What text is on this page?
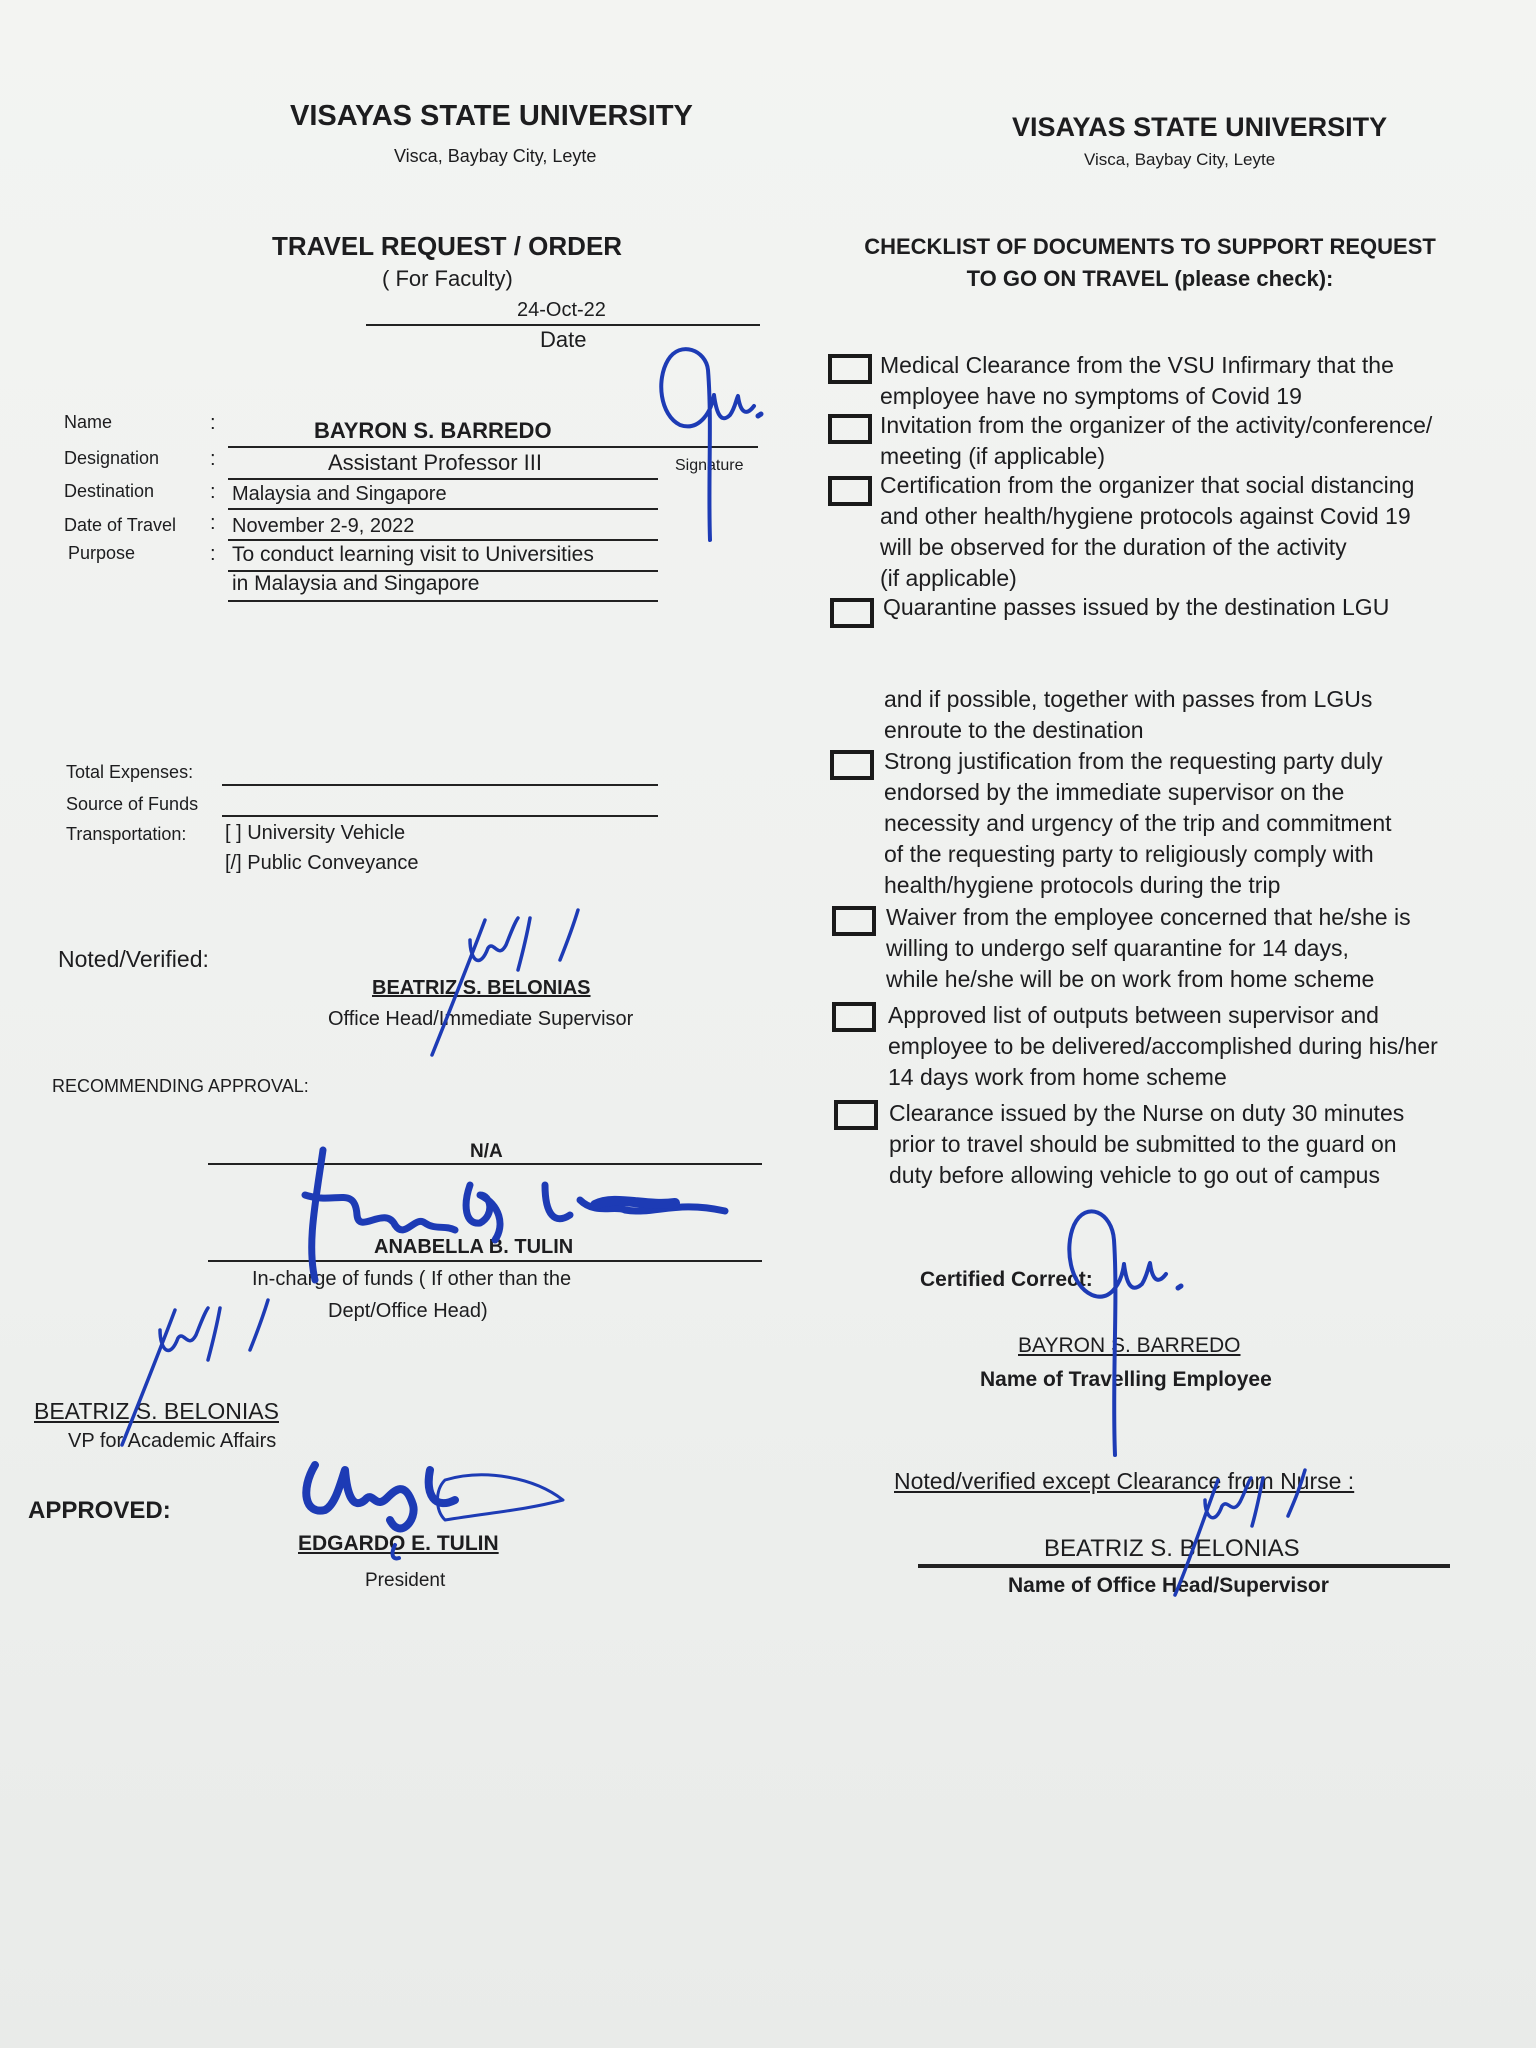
VISAYAS STATE UNIVERSITY
Visca, Baybay City, Leyte
TRAVEL REQUEST / ORDER
( For Faculty)
24-Oct-22
Date
Name	:	BAYRON S. BARREDO
Signature
Designation	:	Assistant Professor III
Destination	: Malaysia and Singapore
Date of Travel : November 2-9, 2022
Purpose	: To conduct learning visit to Universities
in Malaysia and Singapore
Total Expenses:
Source of Funds
Transportation: [ ] University Vehicle
[/] Public Conveyance
Noted/Verified:
BEATRIZ S. BELONIAS
Office Head/Immediate Supervisor
RECOMMENDING APPROVAL:
N/A
ANABELLA B. TULIN
In-charge of funds ( If other than the
Dept/Office Head)
BEATRIZ S. BELONIAS
VP for Academic Affairs
APPROVED:
EDGARDO E. TULIN
President
VISAYAS STATE UNIVERSITY
Visca, Baybay City, Leyte
CHECKLIST OF DOCUMENTS TO SUPPORT REQUEST
TO GO ON TRAVEL (please check):
Medical Clearance from the VSU Infirmary that the
employee have no symptoms of Covid 19
Invitation from the organizer of the activity/conference/
meeting (if applicable)
Certification from the organizer that social distancing
and other health/hygiene protocols against Covid 19
will be observed for the duration of the activity
(if applicable)
Quarantine passes issued by the destination LGU
and if possible, together with passes from LGUs
enroute to the destination
Strong justification from the requesting party duly
endorsed by the immediate supervisor on the
necessity and urgency of the trip and commitment
of the requesting party to religiously comply with
health/hygiene protocols during the trip
Waiver from the employee concerned that he/she is
willing to undergo self quarantine for 14 days,
while he/she will be on work from home scheme
Approved list of outputs between supervisor and
employee to be delivered/accomplished during his/her
14 days work from home scheme
Clearance issued by the Nurse on duty 30 minutes
prior to travel should be submitted to the guard on
duty before allowing vehicle to go out of campus
Certified Correct:
BAYRON S. BARREDO
Name of Travelling Employee
Noted/verified except Clearance from Nurse :
BEATRIZ S. BELONIAS
Name of Office Head/Supervisor
